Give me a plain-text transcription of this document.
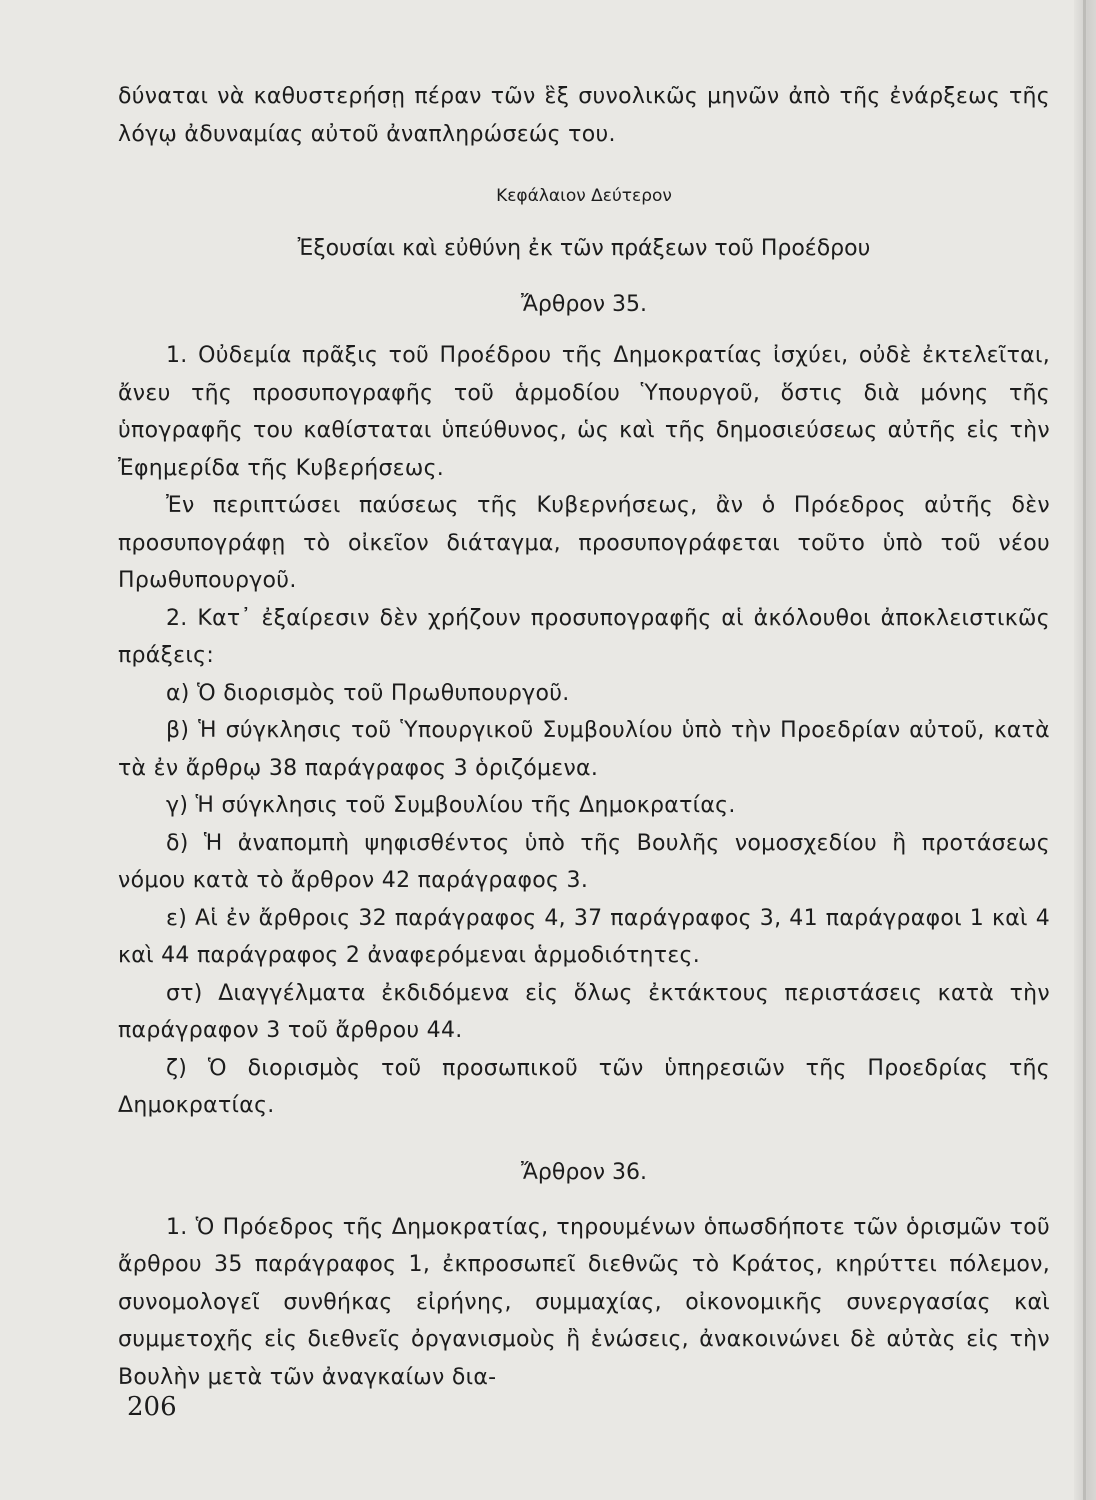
δύναται νὰ καθυστερήσῃ πέραν τῶν ἓξ συνολικῶς μηνῶν ἀπὸ τῆς ἐνάρξεως τῆς λόγῳ ἀδυναμίας αὐτοῦ ἀναπληρώσεώς του.

Κεφάλαιον Δεύτερον

Ἐξουσίαι καὶ εὐθύνη ἐκ τῶν πράξεων τοῦ Προέδρου

Ἄρθρον 35.

1. Οὐδεμία πρᾶξις τοῦ Προέδρου τῆς Δημοκρατίας ἰσχύει, οὐδὲ ἐκτελεῖται, ἄνευ τῆς προσυπογραφῆς τοῦ ἁρμοδίου Ὑπουργοῦ, ὅστις διὰ μόνης τῆς ὑπογραφῆς του καθίσταται ὑπεύθυνος, ὡς καὶ τῆς δημοσιεύσεως αὐτῆς εἰς τὴν Ἐφημερίδα τῆς Κυβερήσεως.

Ἐν περιπτώσει παύσεως τῆς Κυβερνήσεως, ἂν ὁ Πρόεδρος αὐτῆς δὲν προσυπογράφῃ τὸ οἰκεῖον διάταγμα, προσυπογράφεται τοῦτο ὑπὸ τοῦ νέου Πρωθυπουργοῦ.

2. Κατ᾿ ἐξαίρεσιν δὲν χρήζουν προσυπογραφῆς αἱ ἀκόλουθοι ἀποκλειστικῶς πράξεις:

α) Ὁ διορισμὸς τοῦ Πρωθυπουργοῦ.

β) Ἡ σύγκλησις τοῦ Ὑπουργικοῦ Συμβουλίου ὑπὸ τὴν Προεδρίαν αὐτοῦ, κατὰ τὰ ἐν ἄρθρῳ 38 παράγραφος 3 ὁριζόμενα.

γ) Ἡ σύγκλησις τοῦ Συμβουλίου τῆς Δημοκρατίας.

δ) Ἡ ἀναπομπὴ ψηφισθέντος ὑπὸ τῆς Βουλῆς νομοσχεδίου ἢ προτάσεως νόμου κατὰ τὸ ἄρθρον 42 παράγραφος 3.

ε) Αἱ ἐν ἄρθροις 32 παράγραφος 4, 37 παράγραφος 3, 41 παράγραφοι 1 καὶ 4 καὶ 44 παράγραφος 2 ἀναφερόμεναι ἁρμοδιότητες.

στ) Διαγγέλματα ἐκδιδόμενα εἰς ὅλως ἐκτάκτους περιστάσεις κατὰ τὴν παράγραφον 3 τοῦ ἄρθρου 44.

ζ) Ὁ διορισμὸς τοῦ προσωπικοῦ τῶν ὑπηρεσιῶν τῆς Προεδρίας τῆς Δημοκρατίας.

Ἄρθρον 36.

1. Ὁ Πρόεδρος τῆς Δημοκρατίας, τηρουμένων ὁπωσδήποτε τῶν ὁρισμῶν τοῦ ἄρθρου 35 παράγραφος 1, ἐκπροσωπεῖ διεθνῶς τὸ Κράτος, κηρύττει πόλεμον, συνομολογεῖ συνθήκας εἰρήνης, συμμαχίας, οἰκονομικῆς συνεργασίας καὶ συμμετοχῆς εἰς διεθνεῖς ὀργανισμοὺς ἢ ἑνώσεις, ἀνακοινώνει δὲ αὐτὰς εἰς τὴν Βουλὴν μετὰ τῶν ἀναγκαίων δια-

206
